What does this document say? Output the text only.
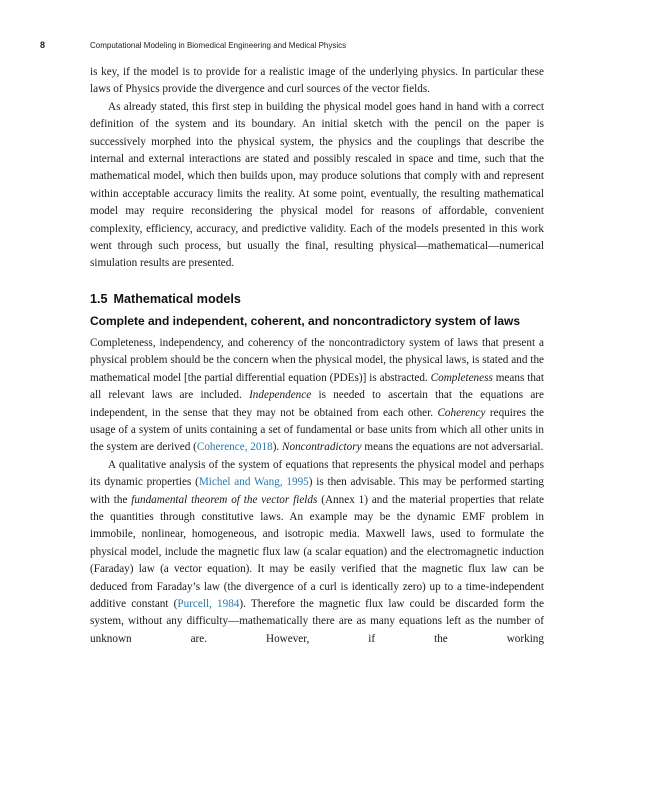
8	Computational Modeling in Biomedical Engineering and Medical Physics

is key, if the model is to provide for a realistic image of the underlying physics. In particular these laws of Physics provide the divergence and curl sources of the vector fields.

As already stated, this first step in building the physical model goes hand in hand with a correct definition of the system and its boundary. An initial sketch with the pencil on the paper is successively morphed into the physical system, the physics and the couplings that describe the internal and external interactions are stated and possibly rescaled in space and time, such that the mathematical model, which then builds upon, may produce solutions that comply with and represent within acceptable accuracy limits the reality. At some point, eventually, the resulting mathematical model may require reconsidering the physical model for reasons of affordable, convenient complexity, efficiency, accuracy, and predictive validity. Each of the models presented in this work went through such process, but usually the final, resulting physical—mathematical—numerical simulation results are presented.

1.5 Mathematical models
Complete and independent, coherent, and noncontradictory system of laws

Completeness, independency, and coherency of the noncontradictory system of laws that present a physical problem should be the concern when the physical model, the physical laws, is stated and the mathematical model [the partial differential equation (PDEs)] is abstracted. Completeness means that all relevant laws are included. Independence is needed to ascertain that the equations are independent, in the sense that they may not be obtained from each other. Coherency requires the usage of a system of units containing a set of fundamental or base units from which all other units in the system are derived (Coherence, 2018). Noncontradictory means the equations are not adversarial.

A qualitative analysis of the system of equations that represents the physical model and perhaps its dynamic properties (Michel and Wang, 1995) is then advisable. This may be performed starting with the fundamental theorem of the vector fields (Annex 1) and the material properties that relate the quantities through constitutive laws. An example may be the dynamic EMF problem in immobile, nonlinear, homogeneous, and isotropic media. Maxwell laws, used to formulate the physical model, include the magnetic flux law (a scalar equation) and the electromagnetic induction (Faraday) law (a vector equation). It may be easily verified that the magnetic flux law can be deduced from Faraday’s law (the divergence of a curl is identically zero) up to a time-independent additive constant (Purcell, 1984). Therefore the magnetic flux law could be discarded form the system, without any difficulty—mathematically there are as many equations left as the number of unknown are. However, if the working
